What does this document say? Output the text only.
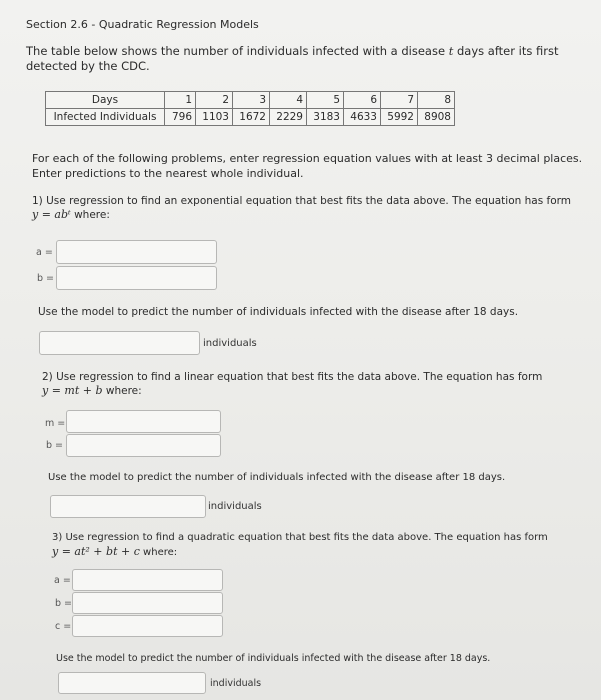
Section 2.6 - Quadratic Regression Models
The table below shows the number of individuals infected with a disease t days after its first detected by the CDC.
Days	1	2	3	4	5	6	7	8
Infected Individuals	796	1103	1672	2229	3183	4633	5992	8908
For each of the following problems, enter regression equation values with at least 3 decimal places. Enter predictions to the nearest whole individual.
1) Use regression to find an exponential equation that best fits the data above. The equation has form
y = abᵗ where:
a =
b =
Use the model to predict the number of individuals infected with the disease after 18 days.
individuals
2) Use regression to find a linear equation that best fits the data above. The equation has form
y = mt + b where:
m =
b =
Use the model to predict the number of individuals infected with the disease after 18 days.
individuals
3) Use regression to find a quadratic equation that best fits the data above. The equation has form
y = at² + bt + c where:
a =
b =
c =
Use the model to predict the number of individuals infected with the disease after 18 days.
individuals
